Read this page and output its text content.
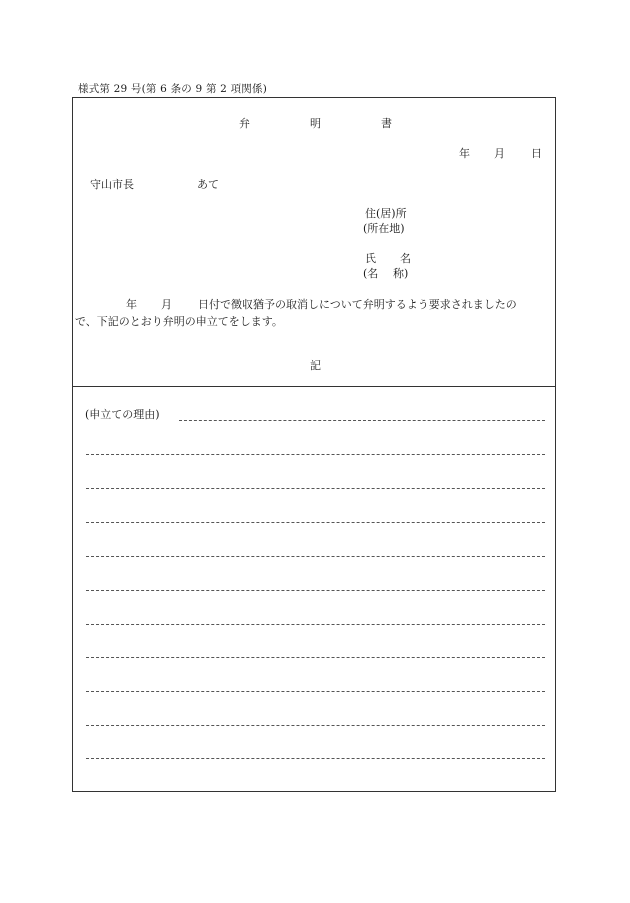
様式第 29 号(第 6 条の 9 第 2 項関係)
弁	明	書
年 月 日
守山市長	あて
住(居)所
(所在地)
氏 名
(名 称)
年 月 日付で徴収猶予の取消しについて弁明するよう要求されましたの
で、下記のとおり弁明の申立てをします。
記
(申立ての理由)
